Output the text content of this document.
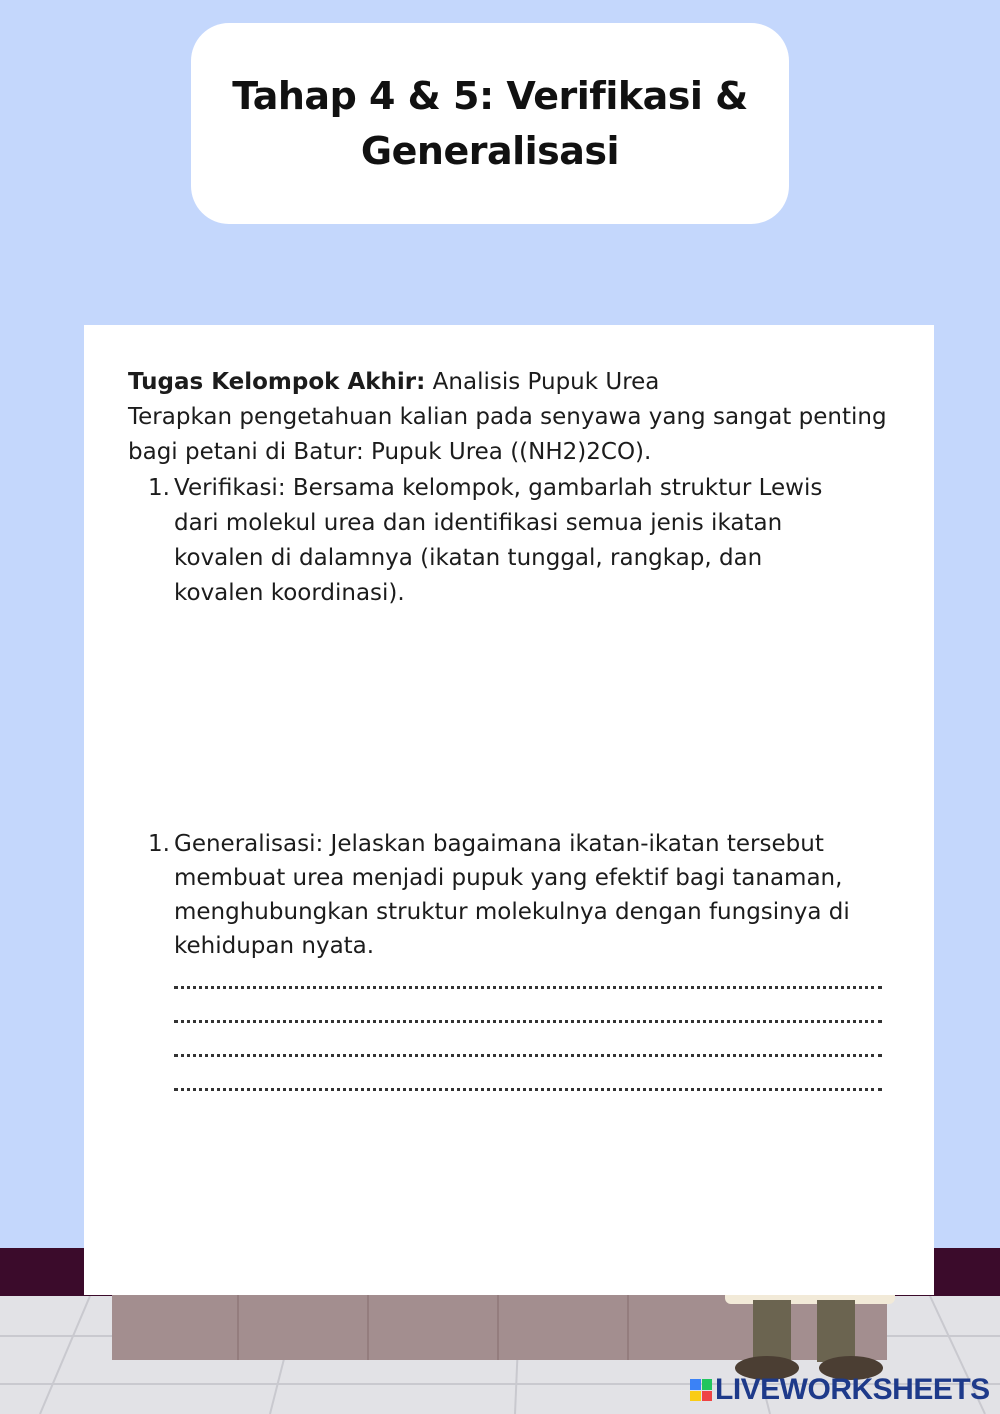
Tahap 4 & 5: Verifikasi &
Generalisasi

Tugas Kelompok Akhir: Analisis Pupuk Urea

Terapkan pengetahuan kalian pada senyawa yang sangat penting bagi petani di Batur: Pupuk Urea ((NH2)2CO).

1. Verifikasi: Bersama kelompok, gambarlah struktur Lewis dari molekul urea dan identifikasi semua jenis ikatan kovalen di dalamnya (ikatan tunggal, rangkap, dan kovalen koordinasi).
1. Generalisasi: Jelaskan bagaimana ikatan-ikatan tersebut membuat urea menjadi pupuk yang efektif bagi tanaman, menghubungkan struktur molekulnya dengan fungsinya di kehidupan nyata.
LIVEWORKSHEETS
